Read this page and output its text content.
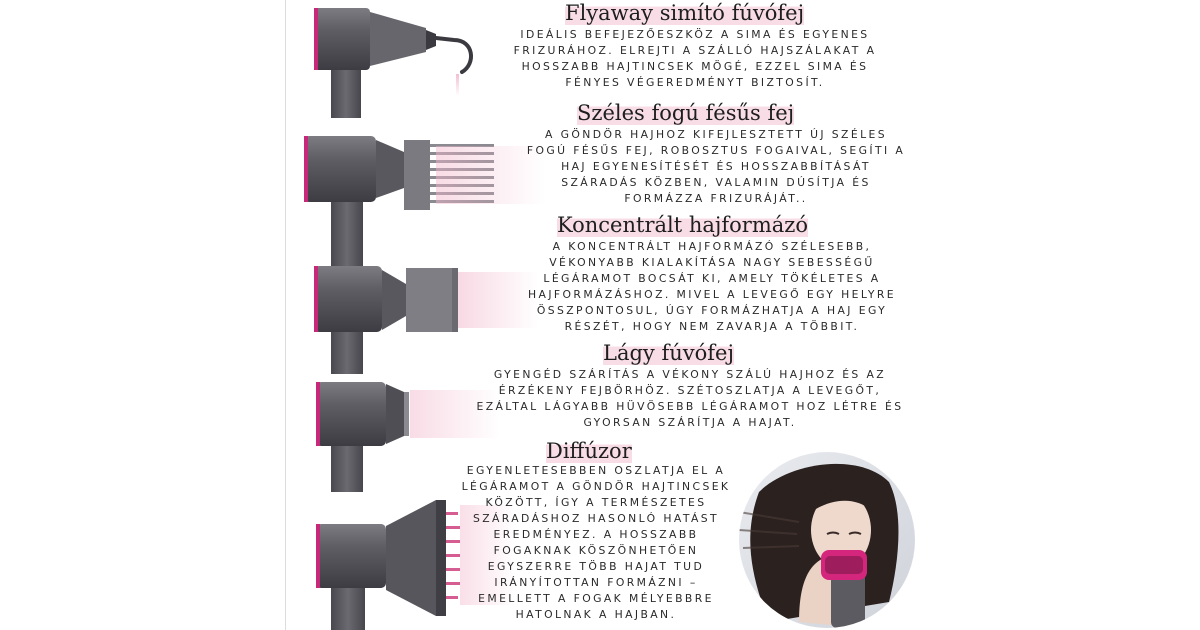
Flyaway simító fúvófej
IDEÁLIS BEFEJEZŐESZKÖZ A SIMA ÉS EGYENES
FRIZURÁHOZ. ELREJTI A SZÁLLÓ HAJSZÁLAKAT A
HOSSZABB HAJTINCSEK MÖGÉ, EZZEL SIMA ÉS
FÉNYES VÉGEREDMÉNYT BIZTOSÍT.
Széles fogú fésűs fej
A GÖNDÖR HAJHOZ KIFEJLESZTETT ÚJ SZÉLES
FOGÚ FÉSŰS FEJ, ROBOSZTUS FOGAIVAL, SEGÍTI A
HAJ EGYENESÍTÉSÉT ÉS HOSSZABBÍTÁSÁT
SZÁRADÁS KÖZBEN, VALAMIN DÚSÍTJA ÉS
FORMÁZZA FRIZURÁJÁT..
Koncentrált hajformázó
A KONCENTRÁLT HAJFORMÁZÓ SZÉLESEBB,
VÉKONYABB KIALAKÍTÁSA NAGY SEBESSÉGŰ
LÉGÁRAMOT BOCSÁT KI, AMELY TÖKÉLETES A
HAJFORMÁZÁSHOZ. MIVEL A LEVEGŐ EGY HELYRE
ÖSSZPONTOSUL, ÚGY FORMÁZHATJA A HAJ EGY
RÉSZÉT, HOGY NEM ZAVARJA A TÖBBIT.
Lágy fúvófej
GYENGÉD SZÁRÍTÁS A VÉKONY SZÁLÚ HAJHOZ ÉS AZ
ÉRZÉKENY FEJBÖRHÖZ. SZÉTOSZLATJA A LEVEGŐT,
EZÁLTAL LÁGYABB HÜVÖSEBB LÉGÁRAMOT HOZ LÉTRE ÉS
GYORSAN SZÁRÍTJA A HAJAT.
Diffúzor
EGYENLETESEBBEN OSZLATJA EL A
LÉGÁRAMOT A GÖNDÖR HAJTINCSEK
KÖZÖTT, ÍGY A TERMÉSZETES
SZÁRADÁSHOZ HASONLÓ HATÁST
EREDMÉNYEZ. A HOSSZABB
FOGAKNAK KÖSZÖNHETŐEN
EGYSZERRE TÖBB HAJAT TUD
IRÁNYÍTOTTAN FORMÁZNI –
EMELLETT A FOGAK MÉLYEBBRE
HATOLNAK A HAJBAN.
